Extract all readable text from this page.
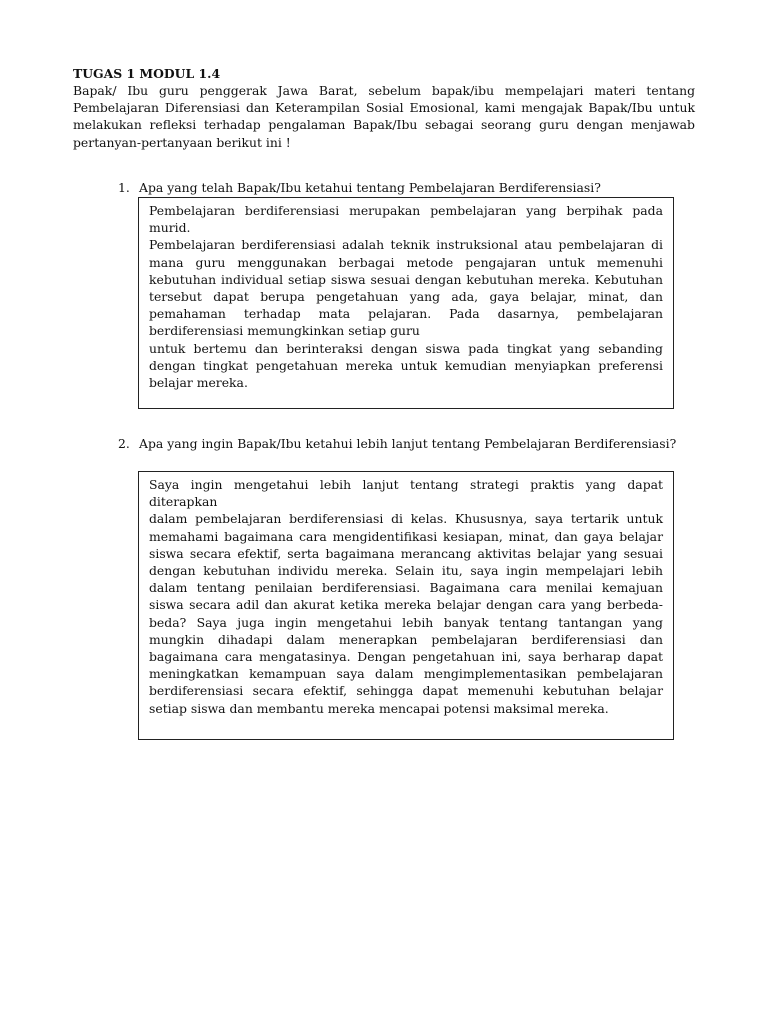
TUGAS 1 MODUL 1.4
Bapak/ Ibu guru penggerak Jawa Barat, sebelum bapak/ibu mempelajari materi tentang Pembelajaran Diferensiasi dan Keterampilan Sosial Emosional, kami mengajak Bapak/Ibu untuk melakukan refleksi terhadap pengalaman Bapak/Ibu sebagai seorang guru dengan menjawab pertanyan-pertanyaan berikut ini !
1. Apa yang telah Bapak/Ibu ketahui tentang Pembelajaran Berdiferensiasi?

Pembelajaran berdiferensiasi merupakan pembelajaran yang berpihak pada murid.

Pembelajaran berdiferensiasi adalah teknik instruksional atau pembelajaran di mana guru menggunakan berbagai metode pengajaran untuk memenuhi kebutuhan individual setiap siswa sesuai dengan kebutuhan mereka. Kebutuhan tersebut dapat berupa pengetahuan yang ada, gaya belajar, minat, dan pemahaman terhadap mata pelajaran. Pada dasarnya, pembelajaran berdiferensiasi memungkinkan setiap guru

untuk bertemu dan berinteraksi dengan siswa pada tingkat yang sebanding dengan tingkat pengetahuan mereka untuk kemudian menyiapkan preferensi belajar mereka.

2. Apa yang ingin Bapak/Ibu ketahui lebih lanjut tentang Pembelajaran Berdiferensiasi?

Saya ingin mengetahui lebih lanjut tentang strategi praktis yang dapat diterapkan

dalam pembelajaran berdiferensiasi di kelas. Khususnya, saya tertarik untuk memahami bagaimana cara mengidentifikasi kesiapan, minat, dan gaya belajar siswa secara efektif, serta bagaimana merancang aktivitas belajar yang sesuai dengan kebutuhan individu mereka. Selain itu, saya ingin mempelajari lebih dalam tentang penilaian berdiferensiasi. Bagaimana cara menilai kemajuan siswa secara adil dan akurat ketika mereka belajar dengan cara yang berbeda-beda? Saya juga ingin mengetahui lebih banyak tentang tantangan yang mungkin dihadapi dalam menerapkan pembelajaran berdiferensiasi dan bagaimana cara mengatasinya. Dengan pengetahuan ini, saya berharap dapat meningkatkan kemampuan saya dalam mengimplementasikan pembelajaran berdiferensiasi secara efektif, sehingga dapat memenuhi kebutuhan belajar setiap siswa dan membantu mereka mencapai potensi maksimal mereka.
